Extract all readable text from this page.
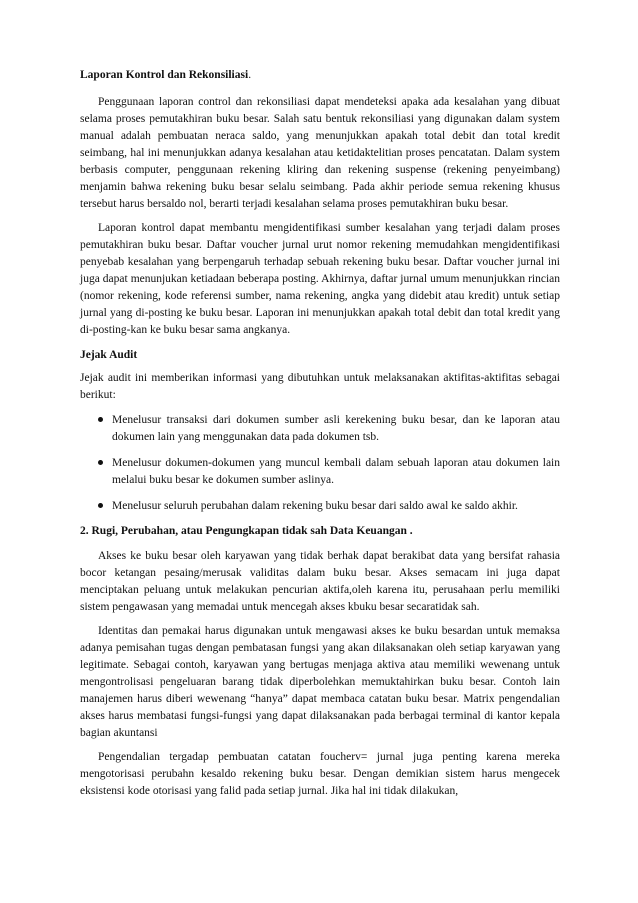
Laporan Kontrol dan Rekonsiliasi.

Penggunaan laporan control dan rekonsiliasi dapat mendeteksi apaka ada kesalahan yang dibuat selama proses pemutakhiran buku besar. Salah satu bentuk rekonsiliasi yang digunakan dalam system manual adalah pembuatan neraca saldo, yang menunjukkan apakah total debit dan total kredit seimbang, hal ini menunjukkan adanya kesalahan atau ketidaktelitian proses pencatatan. Dalam system berbasis computer, penggunaan rekening kliring dan rekening suspense (rekening penyeimbang) menjamin bahwa rekening buku besar selalu seimbang. Pada akhir periode semua rekening khusus tersebut harus bersaldo nol, berarti terjadi kesalahan selama proses pemutakhiran buku besar.

Laporan kontrol dapat membantu mengidentifikasi sumber kesalahan yang terjadi dalam proses pemutakhiran buku besar. Daftar voucher jurnal urut nomor rekening memudahkan mengidentifikasi penyebab kesalahan yang berpengaruh terhadap sebuah rekening buku besar. Daftar voucher jurnal ini juga dapat menunjukan ketiadaan beberapa posting. Akhirnya, daftar jurnal umum menunjukkan rincian (nomor rekening, kode referensi sumber, nama rekening, angka yang didebit atau kredit) untuk setiap jurnal yang di-posting ke buku besar. Laporan ini menunjukkan apakah total debit dan total kredit yang di-posting-kan ke buku besar sama angkanya.

Jejak Audit

Jejak audit ini memberikan informasi yang dibutuhkan untuk melaksanakan aktifitas-aktifitas sebagai berikut:

Menelusur transaksi dari dokumen sumber asli kerekening buku besar, dan ke laporan atau dokumen lain yang menggunakan data pada dokumen tsb.
Menelusur dokumen-dokumen yang muncul kembali dalam sebuah laporan atau dokumen lain melalui buku besar ke dokumen sumber aslinya.
Menelusur seluruh perubahan dalam rekening buku besar dari saldo awal ke saldo akhir.

2. Rugi, Perubahan, atau Pengungkapan tidak sah Data Keuangan .

Akses ke buku besar oleh karyawan yang tidak berhak dapat berakibat data yang bersifat rahasia bocor ketangan pesaing/merusak validitas dalam buku besar. Akses semacam ini juga dapat menciptakan peluang untuk melakukan pencurian aktifa,oleh karena itu, perusahaan perlu memiliki sistem pengawasan yang memadai untuk mencegah akses kbuku besar secaratidak sah.

Identitas dan pemakai harus digunakan untuk mengawasi akses ke buku besardan untuk memaksa adanya pemisahan tugas dengan pembatasan fungsi yang akan dilaksanakan oleh setiap karyawan yang legitimate. Sebagai contoh, karyawan yang bertugas menjaga aktiva atau memiliki wewenang untuk mengontrolisasi pengeluaran barang tidak diperbolehkan memuktahirkan buku besar. Contoh lain manajemen harus diberi wewenang “hanya” dapat membaca catatan buku besar. Matrix pengendalian akses harus membatasi fungsi-fungsi yang dapat dilaksanakan pada berbagai terminal di kantor kepala bagian akuntansi

Pengendalian tergadap pembuatan catatan foucherv= jurnal juga penting karena mereka mengotorisasi perubahn kesaldo rekening buku besar. Dengan demikian sistem harus mengecek eksistensi kode otorisasi yang falid pada setiap jurnal. Jika hal ini tidak dilakukan,
